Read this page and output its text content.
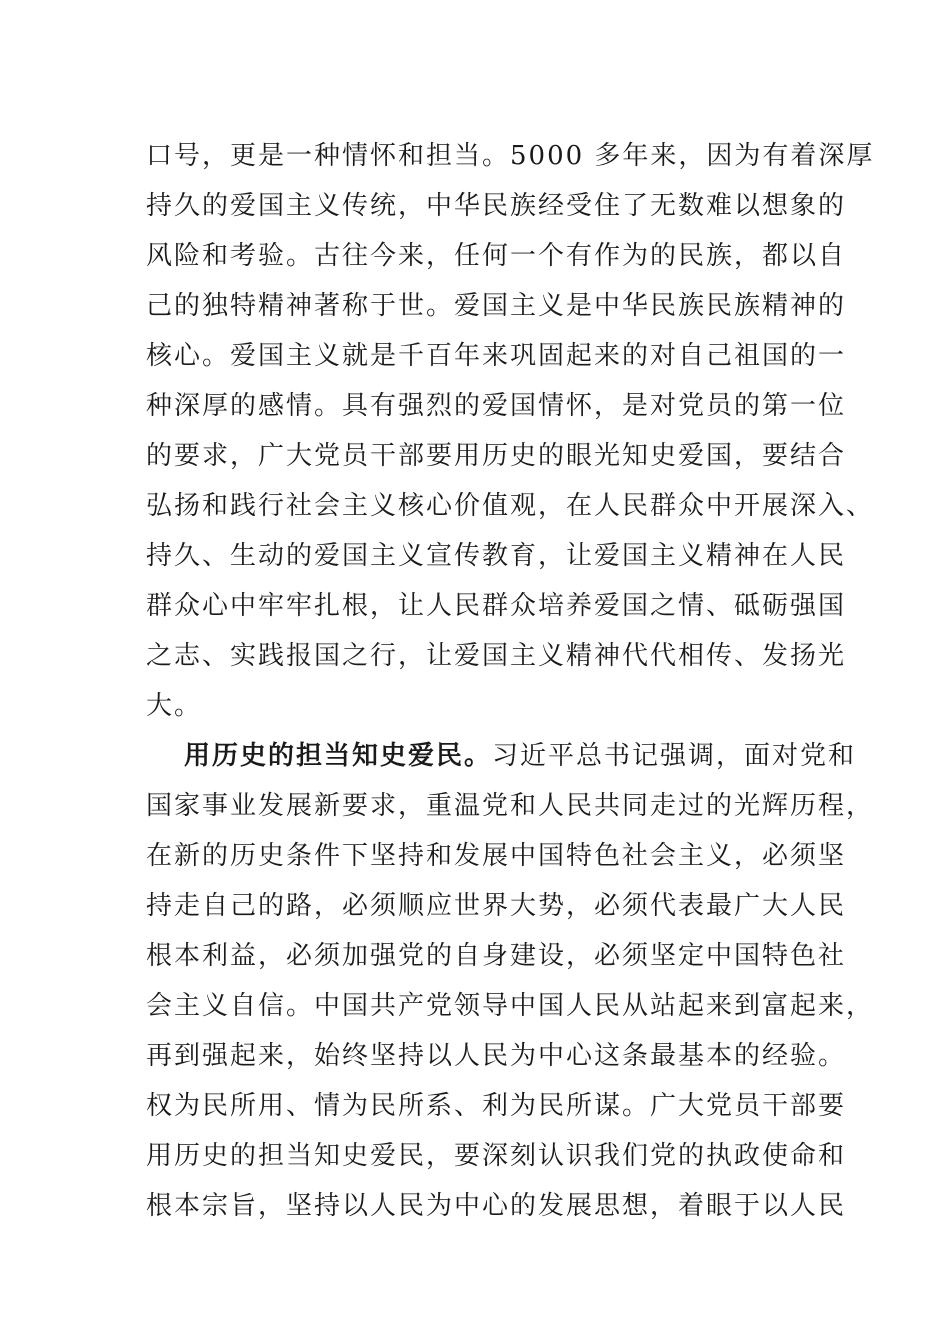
口号，更是一种情怀和担当。5000 多年来，因为有着深厚
持久的爱国主义传统，中华民族经受住了无数难以想象的
风险和考验。古往今来，任何一个有作为的民族，都以自
己的独特精神著称于世。爱国主义是中华民族民族精神的
核心。爱国主义就是千百年来巩固起来的对自己祖国的一
种深厚的感情。具有强烈的爱国情怀，是对党员的第一位
的要求，广大党员干部要用历史的眼光知史爱国，要结合
弘扬和践行社会主义核心价值观，在人民群众中开展深入、
持久、生动的爱国主义宣传教育，让爱国主义精神在人民
群众心中牢牢扎根，让人民群众培养爱国之情、砥砺强国
之志、实践报国之行，让爱国主义精神代代相传、发扬光
大。
用历史的担当知史爱民。习近平总书记强调，面对党和
国家事业发展新要求，重温党和人民共同走过的光辉历程，
在新的历史条件下坚持和发展中国特色社会主义，必须坚
持走自己的路，必须顺应世界大势，必须代表最广大人民
根本利益，必须加强党的自身建设，必须坚定中国特色社
会主义自信。中国共产党领导中国人民从站起来到富起来，
再到强起来，始终坚持以人民为中心这条最基本的经验。
权为民所用、情为民所系、利为民所谋。广大党员干部要
用历史的担当知史爱民，要深刻认识我们党的执政使命和
根本宗旨，坚持以人民为中心的发展思想，着眼于以人民
